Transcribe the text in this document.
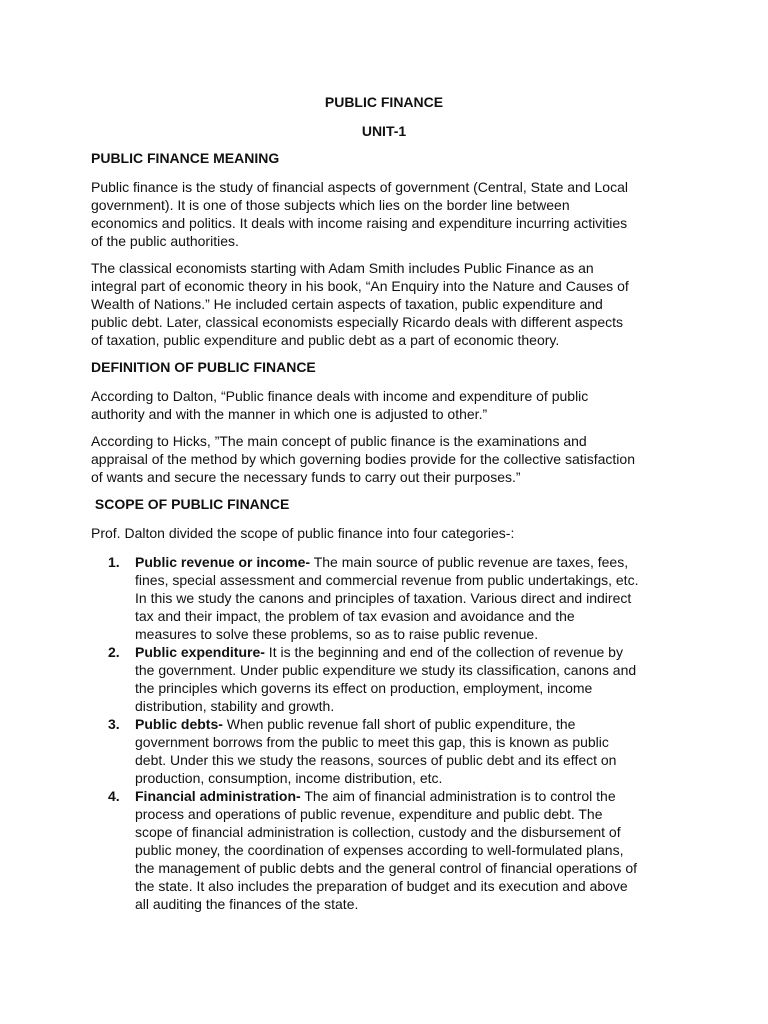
PUBLIC FINANCE
UNIT-1
PUBLIC FINANCE MEANING
Public finance is the study of financial aspects of government (Central, State and Local
government). It is one of those subjects which lies on the border line between
economics and politics. It deals with income raising and expenditure incurring activities
of the public authorities.
The classical economists starting with Adam Smith includes Public Finance as an
integral part of economic theory in his book, “An Enquiry into the Nature and Causes of
Wealth of Nations.” He included certain aspects of taxation, public expenditure and
public debt. Later, classical economists especially Ricardo deals with different aspects
of taxation, public expenditure and public debt as a part of economic theory.
DEFINITION OF PUBLIC FINANCE
According to Dalton, “Public finance deals with income and expenditure of public
authority and with the manner in which one is adjusted to other.”
According to Hicks, ”The main concept of public finance is the examinations and
appraisal of the method by which governing bodies provide for the collective satisfaction
of wants and secure the necessary funds to carry out their purposes.”
SCOPE OF PUBLIC FINANCE
Prof. Dalton divided the scope of public finance into four categories-:
1. Public revenue or income- The main source of public revenue are taxes, fees,
fines, special assessment and commercial revenue from public undertakings, etc.
In this we study the canons and principles of taxation. Various direct and indirect
tax and their impact, the problem of tax evasion and avoidance and the
measures to solve these problems, so as to raise public revenue.
2. Public expenditure- It is the beginning and end of the collection of revenue by
the government. Under public expenditure we study its classification, canons and
the principles which governs its effect on production, employment, income
distribution, stability and growth.
3. Public debts- When public revenue fall short of public expenditure, the
government borrows from the public to meet this gap, this is known as public
debt. Under this we study the reasons, sources of public debt and its effect on
production, consumption, income distribution, etc.
4. Financial administration- The aim of financial administration is to control the
process and operations of public revenue, expenditure and public debt. The
scope of financial administration is collection, custody and the disbursement of
public money, the coordination of expenses according to well-formulated plans,
the management of public debts and the general control of financial operations of
the state. It also includes the preparation of budget and its execution and above
all auditing the finances of the state.
